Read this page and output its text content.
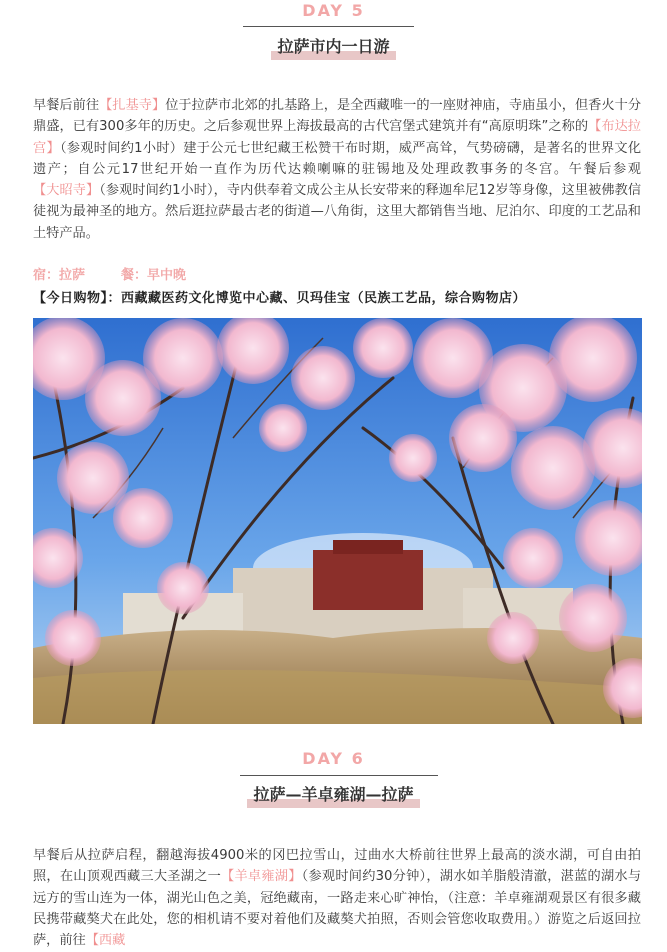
DAY 5
拉萨市内一日游
早餐后前往【扎基寺】位于拉萨市北郊的扎基路上，是全西藏唯一的一座财神庙，寺庙虽小，但香火十分鼎盛，已有300多年的历史。之后参观世界上海拔最高的古代宫堡式建筑并有“高原明珠”之称的【布达拉宫】（参观时间约1小时）建于公元七世纪藏王松赞干布时期，威严高耸，气势磅礴，是著名的世界文化遗产；自公元17世纪开始一直作为历代达赖喇嘛的驻锡地及处理政教事务的冬宫。午餐后参观【大昭寺】（参观时间约1小时），寺内供奉着文成公主从长安带来的释迦牟尼12岁等身像，这里被佛教信徒视为最神圣的地方。然后逛拉萨最古老的街道—八角街，这里大都销售当地、尼泊尔、印度的工艺品和土特产品。
宿：拉萨	餐：早中晚
【今日购物】：西藏藏医药文化博览中心藏、贝玛佳宝（民族工艺品，综合购物店）
DAY 6
拉萨—羊卓雍湖—拉萨
早餐后从拉萨启程，翻越海拔4900米的冈巴拉雪山，过曲水大桥前往世界上最高的淡水湖，可自由拍照，在山顶观西藏三大圣湖之一【羊卓雍湖】（参观时间约30分钟），湖水如羊脂般清澈，湛蓝的湖水与远方的雪山连为一体，湖光山色之美，冠绝藏南，一路走来心旷神怡，（注意：羊卓雍湖观景区有很多藏民携带藏獒犬在此处，您的相机请不要对着他们及藏獒犬拍照，否则会管您收取费用。）游览之后返回拉萨，前往【西藏
